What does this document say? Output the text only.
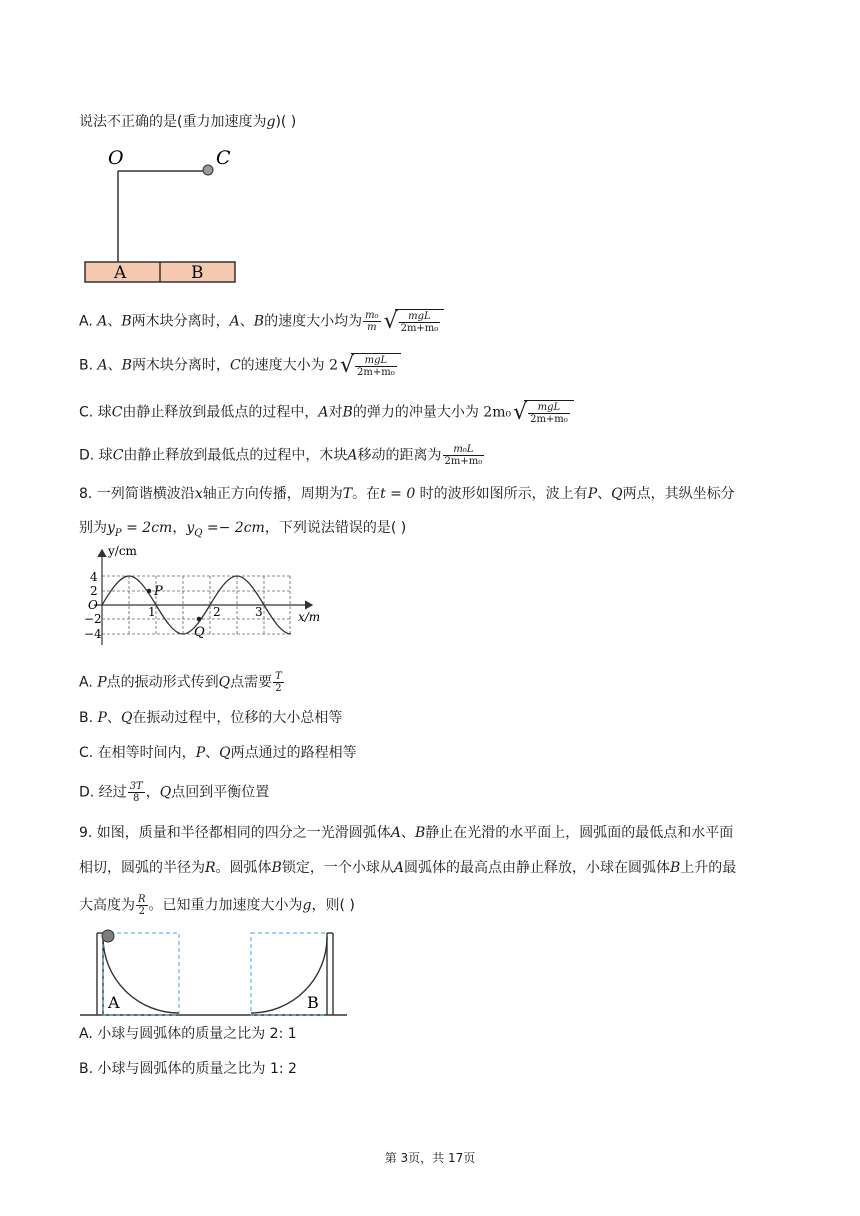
说法不正确的是(重力加速度为g)( )
O	C
A	B
A. A、B两木块分离时，A、B的速度大小均为 $\frac{\text{m₀}}{m}$ √ $\frac{\text{mgL}}{\text{2m+m₀}}$
B. A、B两木块分离时，C的速度大小为 2 √ $\frac{\text{mgL}}{\text{2m+m₀}}$
C. 球C由静止释放到最低点的过程中，A对B的弹力的冲量大小为 2m₀ √ $\frac{\text{mgL}}{\text{2m+m₀}}$
D. 球C由静止释放到最低点的过程中，木块A移动的距离为 $\frac{\text{m₀L}}{\text{2m+m₀}}$
8. 一列简谐横波沿x轴正方向传播，周期为T。在t = 0 时的波形如图所示，波上有P、Q两点，其纵坐标分
别为$y_P = 2cm$，$y_Q =- 2cm$，下列说法错误的是( )
P
Q
y/cm
x/m
O
4
2
−2
−4
1	2	3
A. P点的振动形式传到Q点需要 $\frac{T}{2}$
B. P、Q在振动过程中，位移的大小总相等
C. 在相等时间内，P、Q两点通过的路程相等
D. 经过 $\frac{3T}{8}$ ，Q点回到平衡位置
9. 如图，质量和半径都相同的四分之一光滑圆弧体A、B静止在光滑的水平面上，圆弧面的最低点和水平面
相切，圆弧的半径为R。圆弧体B锁定，一个小球从A圆弧体的最高点由静止释放，小球在圆弧体B上升的最
大高度为 $\frac{R}{2}$ 。已知重力加速度大小为g，则( )
A	B
A. 小球与圆弧体的质量之比为 2: 1
B. 小球与圆弧体的质量之比为 1: 2
第 3页，共 17页
